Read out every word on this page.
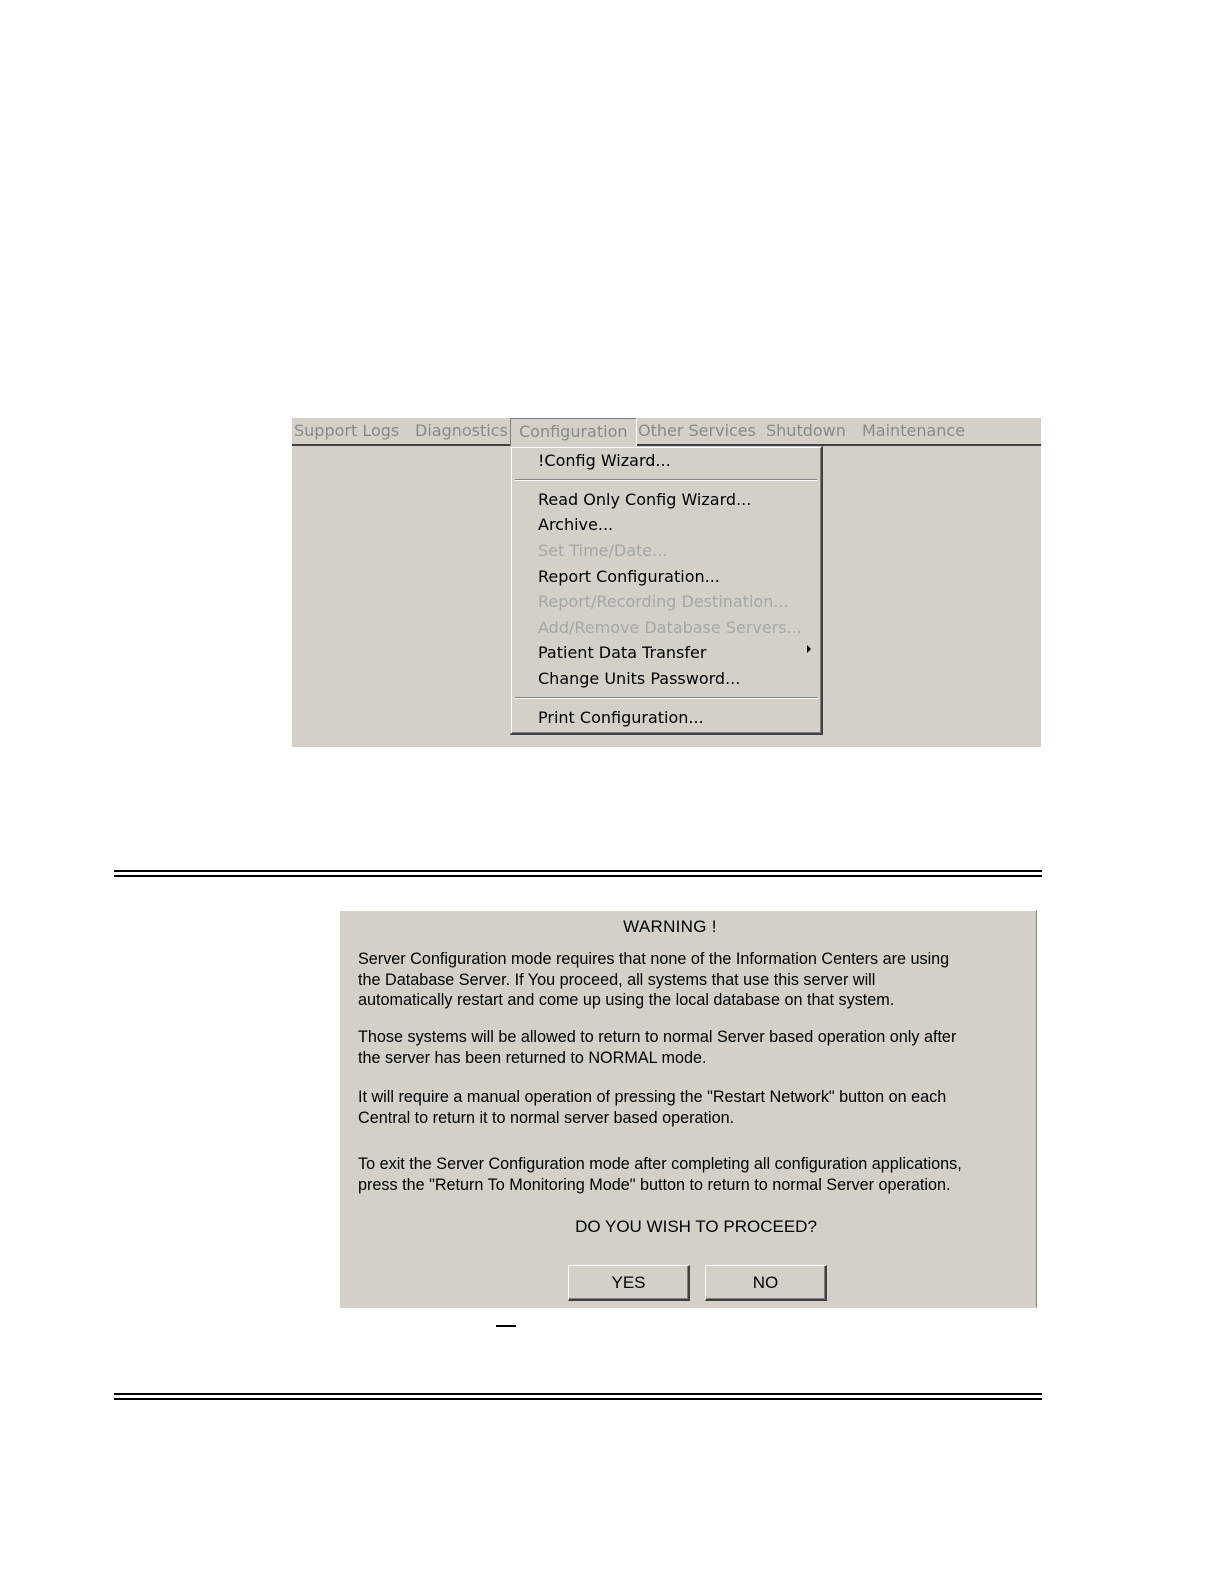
Support Logs Diagnostics Configuration Other Services Shutdown Maintenance
!Config Wizard...
Read Only Config Wizard...
Archive...
Set Time/Date...
Report Configuration...
Report/Recording Destination...
Add/Remove Database Servers...
Patient Data Transfer
Change Units Password...
Print Configuration...
WARNING !
Server Configuration mode requires that none of the Information Centers are using
the Database Server. If You proceed, all systems that use this server will
automatically restart and come up using the local database on that system.
Those systems will be allowed to return to normal Server based operation only after
the server has been returned to NORMAL mode.
It will require a manual operation of pressing the "Restart Network" button on each
Central to return it to normal server based operation.
To exit the Server Configuration mode after completing all configuration applications,
press the "Return To Monitoring Mode" button to return to normal Server operation.
DO YOU WISH TO PROCEED?
YES	NO
